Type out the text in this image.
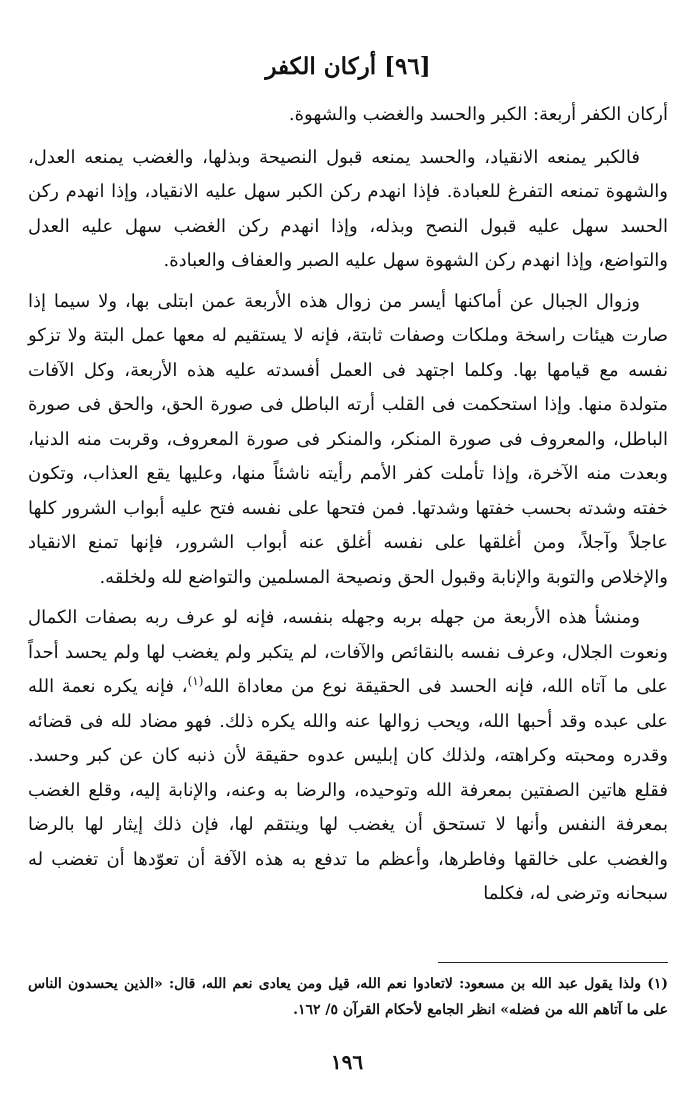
[٩٦] أركان الكفر

أركان الكفر أربعة: الكبر والحسد والغضب والشهوة.

فالكبر يمنعه الانقياد، والحسد يمنعه قبول النصيحة وبذلها، والغضب يمنعه العدل، والشهوة تمنعه التفرغ للعبادة. فإذا انهدم ركن الكبر سهل عليه الانقياد، وإذا انهدم ركن الحسد سهل عليه قبول النصح وبذله، وإذا انهدم ركن الغضب سهل عليه العدل والتواضع، وإذا انهدم ركن الشهوة سهل عليه الصبر والعفاف والعبادة.

وزوال الجبال عن أماكنها أيسر من زوال هذه الأربعة عمن ابتلى بها، ولا سيما إذا صارت هيئات راسخة وملكات وصفات ثابتة، فإنه لا يستقيم له معها عمل البتة ولا تزكو نفسه مع قيامها بها. وكلما اجتهد فى العمل أفسدته عليه هذه الأربعة، وكل الآفات متولدة منها. وإذا استحكمت فى القلب أرته الباطل فى صورة الحق، والحق فى صورة الباطل، والمعروف فى صورة المنكر، والمنكر فى صورة المعروف، وقربت منه الدنيا، وبعدت منه الآخرة، وإذا تأملت كفر الأمم رأيته ناشئاً منها، وعليها يقع العذاب، وتكون خفته وشدته بحسب خفتها وشدتها. فمن فتحها على نفسه فتح عليه أبواب الشرور كلها عاجلاً وآجلاً، ومن أغلقها على نفسه أغلق عنه أبواب الشرور، فإنها تمنع الانقياد والإخلاص والتوبة والإنابة وقبول الحق ونصيحة المسلمين والتواضع لله ولخلقه.

ومنشأ هذه الأربعة من جهله بربه وجهله بنفسه، فإنه لو عرف ربه بصفات الكمال ونعوت الجلال، وعرف نفسه بالنقائص والآفات، لم يتكبر ولم يغضب لها ولم يحسد أحداً على ما آتاه الله، فإنه الحسد فى الحقيقة نوع من معاداة الله$^{(١)}$، فإنه يكره نعمة الله على عبده وقد أحبها الله، ويحب زوالها عنه والله يكره ذلك. فهو مضاد لله فى قضائه وقدره ومحبته وكراهته، ولذلك كان إبليس عدوه حقيقة لأن ذنبه كان عن كبر وحسد. فقلع هاتين الصفتين بمعرفة الله وتوحيده، والرضا به وعنه، والإنابة إليه، وقلع الغضب بمعرفة النفس وأنها لا تستحق أن يغضب لها وينتقم لها، فإن ذلك إيثار لها بالرضا والغضب على خالقها وفاطرها، وأعظم ما تدفع به هذه الآفة أن تعوّدها أن تغضب له سبحانه وترضى له، فكلما

(١) ولذا يقول عبد الله بن مسعود: لاتعادوا نعم الله، قيل ومن يعادى نعم الله، قال: «الذين يحسدون الناس على ما آتاهم الله من فضله» انظر الجامع لأحكام القرآن ٥/ ١٦٢.
١٩٦
